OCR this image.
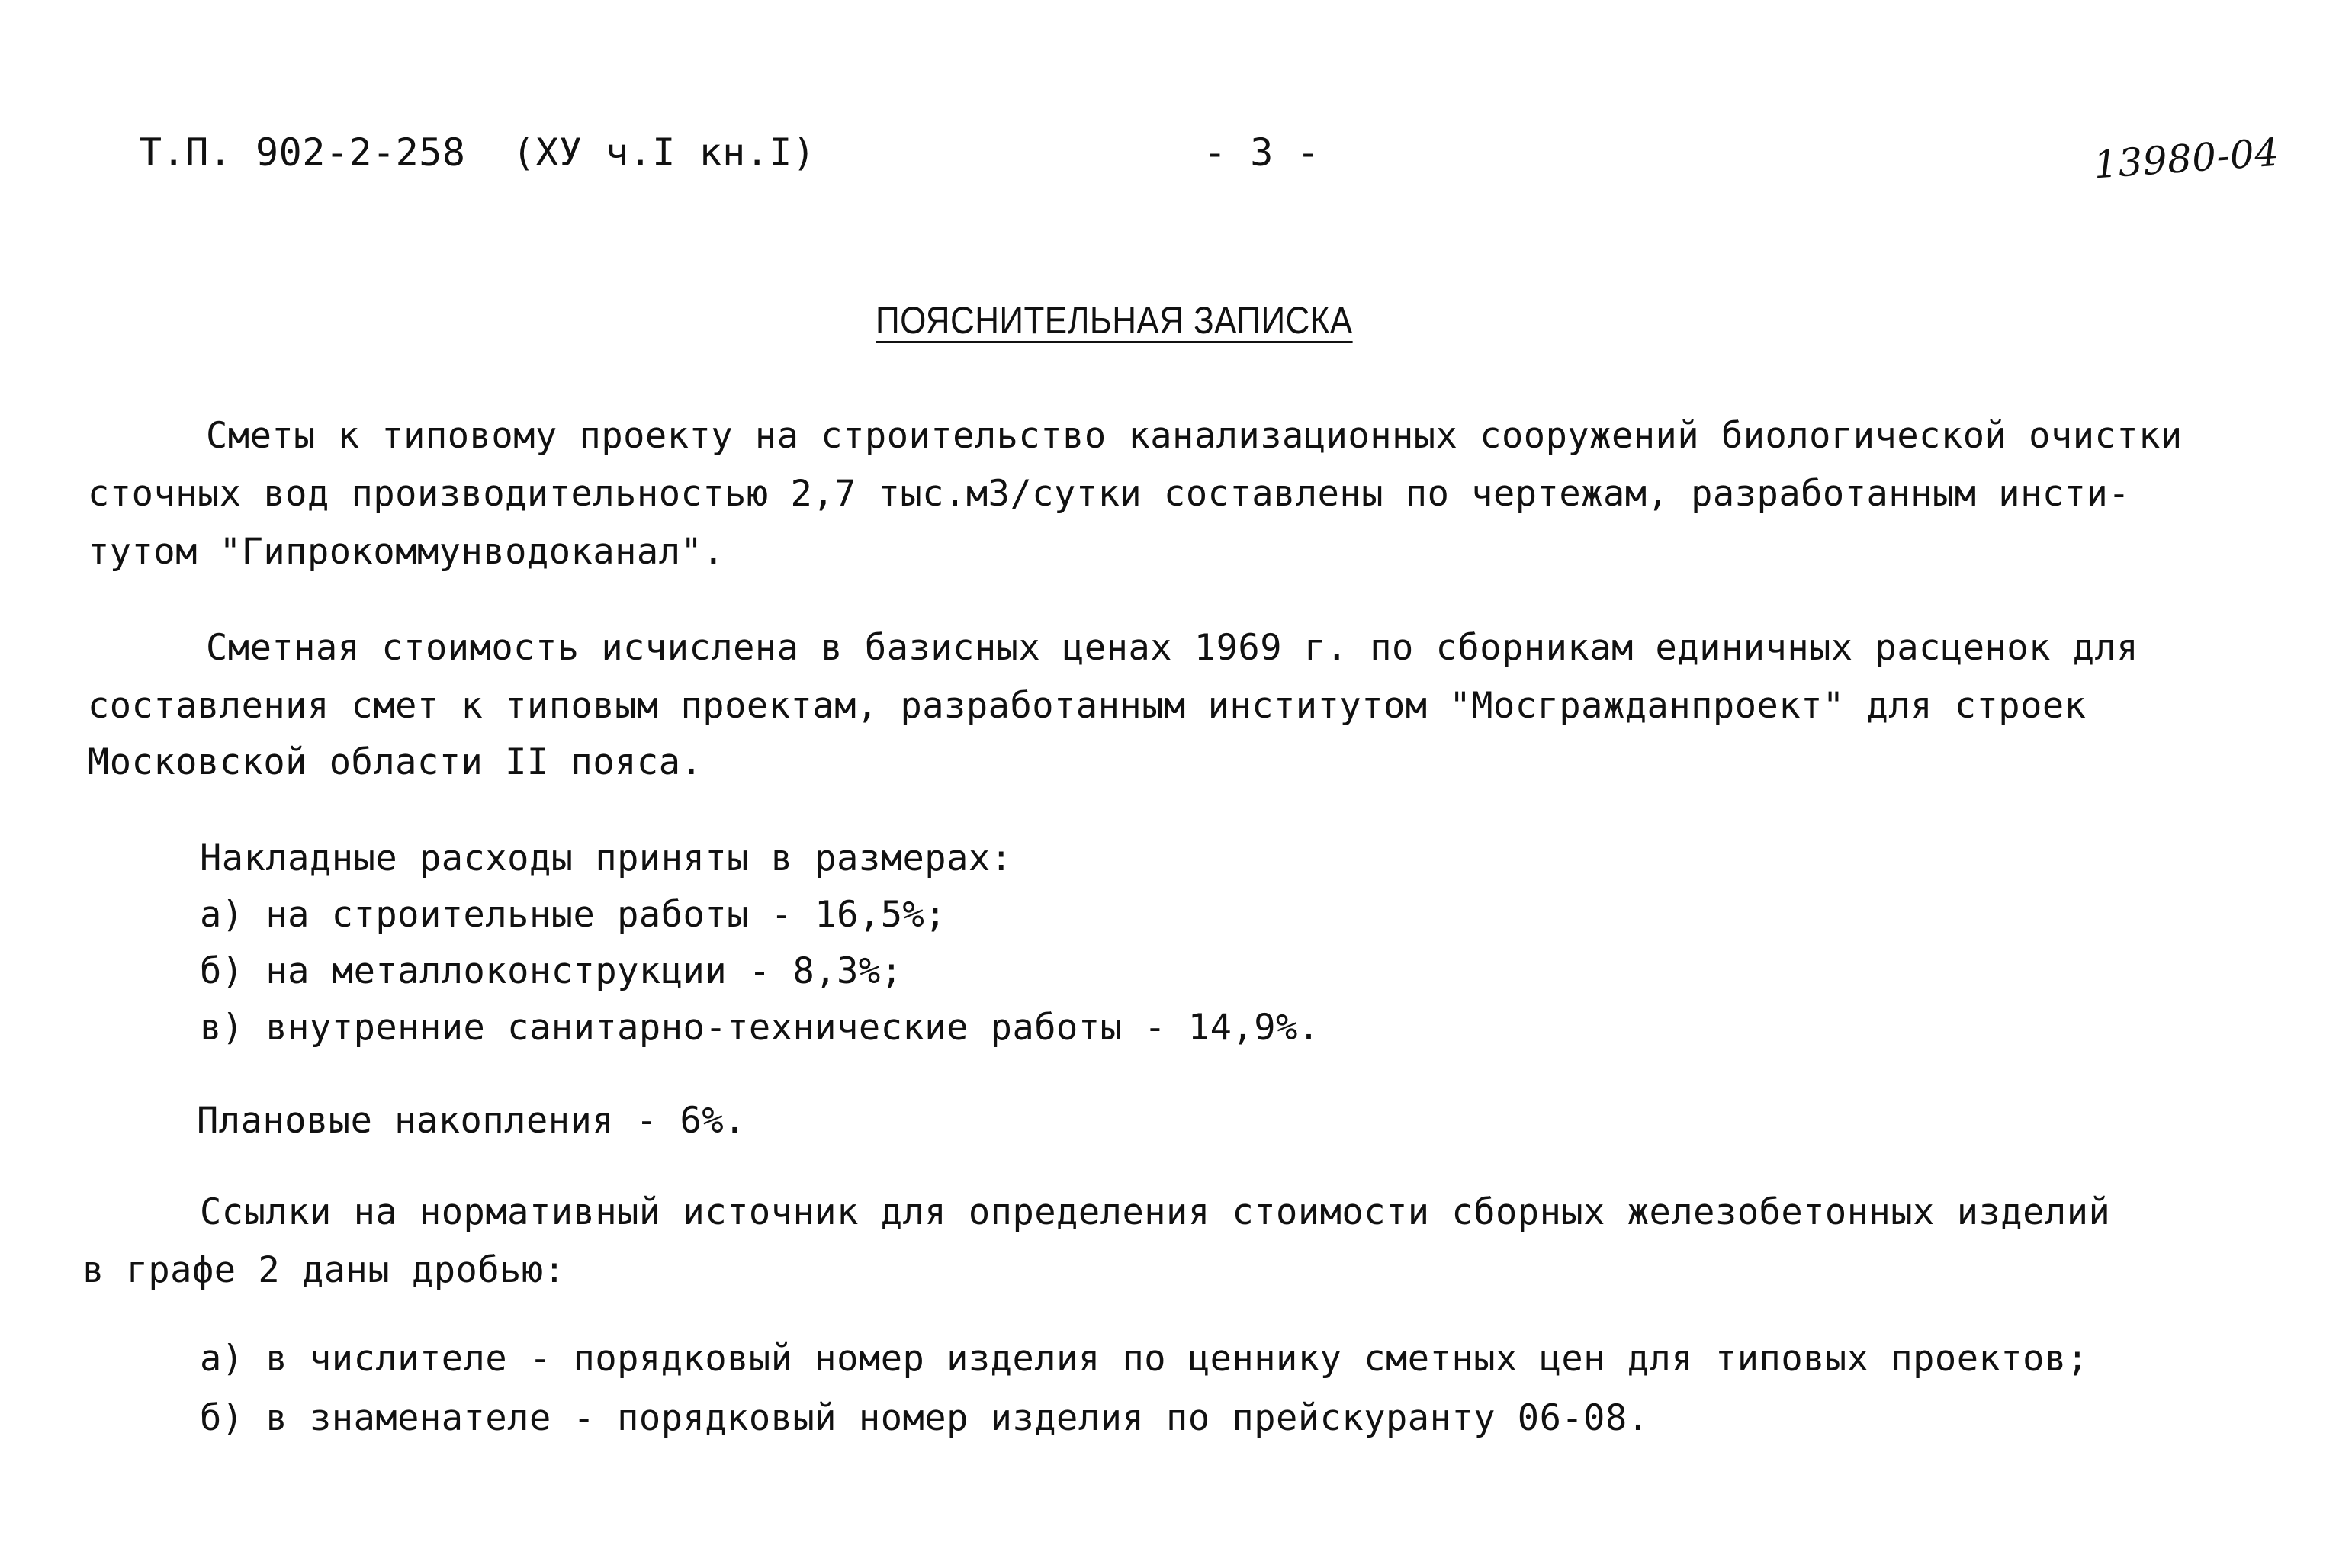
Т.П. 902-2-258  (ХУ ч.I кн.I)	- 3 -	13980-04
ПОЯСНИТЕЛЬНАЯ ЗАПИСКА
Сметы к типовому проекту на строительство канализационных сооружений биологической очистки
сточных вод производительностью 2,7 тыс.м3/сутки составлены по чертежам, разработанным инсти-
тутом "Гипрокоммунводоканал".
Сметная стоимость исчислена в базисных ценах 1969 г. по сборникам единичных расценок для
составления смет к типовым проектам, разработанным институтом "Мосгражданпроект" для строек
Московской области II пояса.
Накладные расходы приняты в размерах:
а) на строительные работы - 16,5%;
б) на металлоконструкции - 8,3%;
в) внутренние санитарно-технические работы - 14,9%.
Плановые накопления - 6%.
Ссылки на нормативный источник для определения стоимости сборных железобетонных изделий
в графе 2 даны дробью:
а) в числителе - порядковый номер изделия по ценнику сметных цен для типовых проектов;
б) в знаменателе - порядковый номер изделия по прейскуранту 06-08.
